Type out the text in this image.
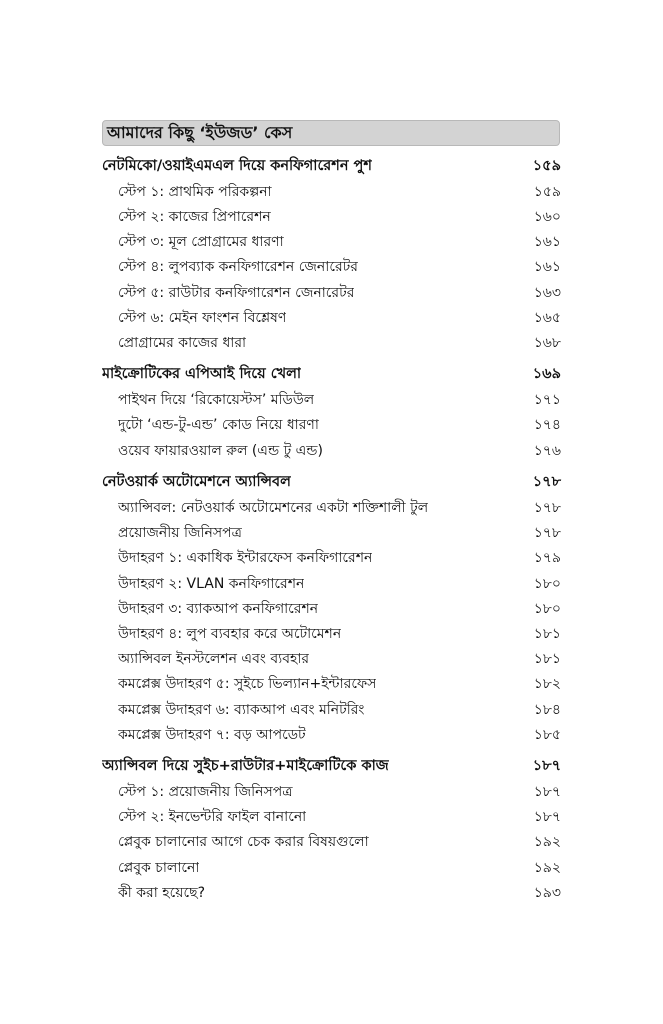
আমাদের কিছু ‘ইউজড’ কেস
নেটমিকো/ওয়াইএমএল দিয়ে কনফিগারেশন পুশ	১৫৯
স্টেপ ১: প্রাথমিক পরিকল্পনা	১৫৯
স্টেপ ২: কাজের প্রিপারেশন	১৬০
স্টেপ ৩: মূল প্রোগ্রামের ধারণা	১৬১
স্টেপ ৪: লুপব্যাক কনফিগারেশন জেনারেটর	১৬১
স্টেপ ৫: রাউটার কনফিগারেশন জেনারেটর	১৬৩
স্টেপ ৬: মেইন ফাংশন বিশ্লেষণ	১৬৫
প্রোগ্রামের কাজের ধারা	১৬৮
মাইক্রোটিকের এপিআই দিয়ে খেলা	১৬৯
পাইথন দিয়ে ‘রিকোয়েস্টস’ মডিউল	১৭১
দুটো ‘এন্ড-টু-এন্ড’ কোড নিয়ে ধারণা	১৭৪
ওয়েব ফায়ারওয়াল রুল (এন্ড টু এন্ড)	১৭৬
নেটওয়ার্ক অটোমেশনে অ্যান্সিবল	১৭৮
অ্যান্সিবল: নেটওয়ার্ক অটোমেশনের একটা শক্তিশালী টুল	১৭৮
প্রয়োজনীয় জিনিসপত্র	১৭৮
উদাহরণ ১: একাধিক ইন্টারফেস কনফিগারেশন	১৭৯
উদাহরণ ২: VLAN কনফিগারেশন	১৮০
উদাহরণ ৩: ব্যাকআপ কনফিগারেশন	১৮০
উদাহরণ ৪: লুপ ব্যবহার করে অটোমেশন	১৮১
অ্যান্সিবল ইনস্টলেশন এবং ব্যবহার	১৮১
কমপ্লেক্স উদাহরণ ৫: সুইচে ভিল্যান+ইন্টারফেস	১৮২
কমপ্লেক্স উদাহরণ ৬: ব্যাকআপ এবং মনিটরিং	১৮৪
কমপ্লেক্স উদাহরণ ৭: বড় আপডেট	১৮৫
অ্যান্সিবল দিয়ে সুইচ+রাউটার+মাইক্রোটিকে কাজ	১৮৭
স্টেপ ১: প্রয়োজনীয় জিনিসপত্র	১৮৭
স্টেপ ২: ইনভেন্টরি ফাইল বানানো	১৮৭
প্লেবুক চালানোর আগে চেক করার বিষয়গুলো	১৯২
প্লেবুক চালানো	১৯২
কী করা হয়েছে?	১৯৩
